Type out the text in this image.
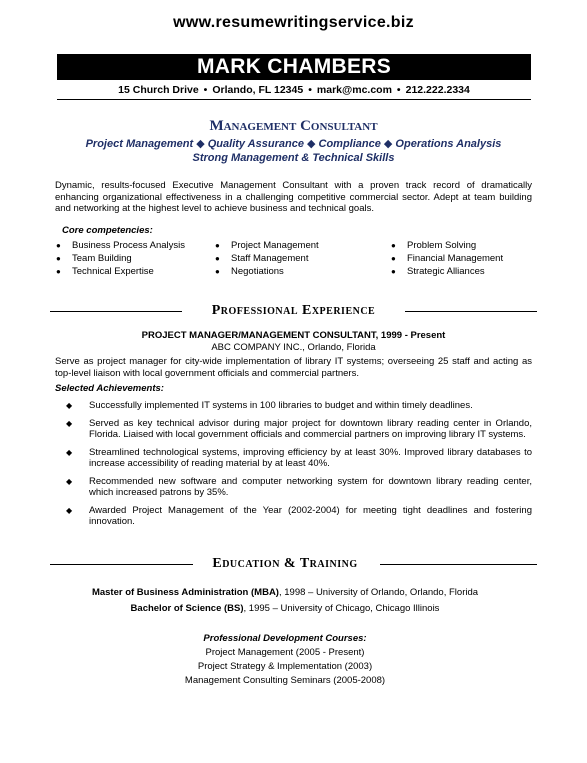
www.resumewritingservice.biz
MARK CHAMBERS
15 Church Drive • Orlando, FL 12345 • mark@mc.com • 212.222.2334
Management Consultant
Project Management ◆ Quality Assurance ◆ Compliance ◆ Operations Analysis
Strong Management & Technical Skills
Dynamic, results-focused Executive Management Consultant with a proven track record of dramatically enhancing organizational effectiveness in a challenging competitive commercial sector. Adept at team building and networking at the highest level to achieve business and technical goals.
Core competencies:
● Business Process Analysis
● Team Building
● Technical Expertise
● Project Management
● Staff Management
● Negotiations
● Problem Solving
● Financial Management
● Strategic Alliances
Professional Experience
PROJECT MANAGER/MANAGEMENT CONSULTANT, 1999 - Present
ABC COMPANY INC., Orlando, Florida
Serve as project manager for city-wide implementation of library IT systems; overseeing 25 staff and acting as top-level liaison with local government officials and commercial partners.
Selected Achievements:
◆ Successfully implemented IT systems in 100 libraries to budget and within timely deadlines.
◆ Served as key technical advisor during major project for downtown library reading center in Orlando, Florida. Liaised with local government officials and commercial partners on improving library IT systems.
◆ Streamlined technological systems, improving efficiency by at least 30%. Improved library databases to increase accessibility of reading material by at least 40%.
◆ Recommended new software and computer networking system for downtown library reading center, which increased patrons by 35%.
◆ Awarded Project Management of the Year (2002-2004) for meeting tight deadlines and fostering innovation.
Education & Training
Master of Business Administration (MBA), 1998 – University of Orlando, Orlando, Florida
Bachelor of Science (BS), 1995 – University of Chicago, Chicago Illinois
Professional Development Courses:
Project Management (2005 - Present)
Project Strategy & Implementation (2003)
Management Consulting Seminars (2005-2008)
